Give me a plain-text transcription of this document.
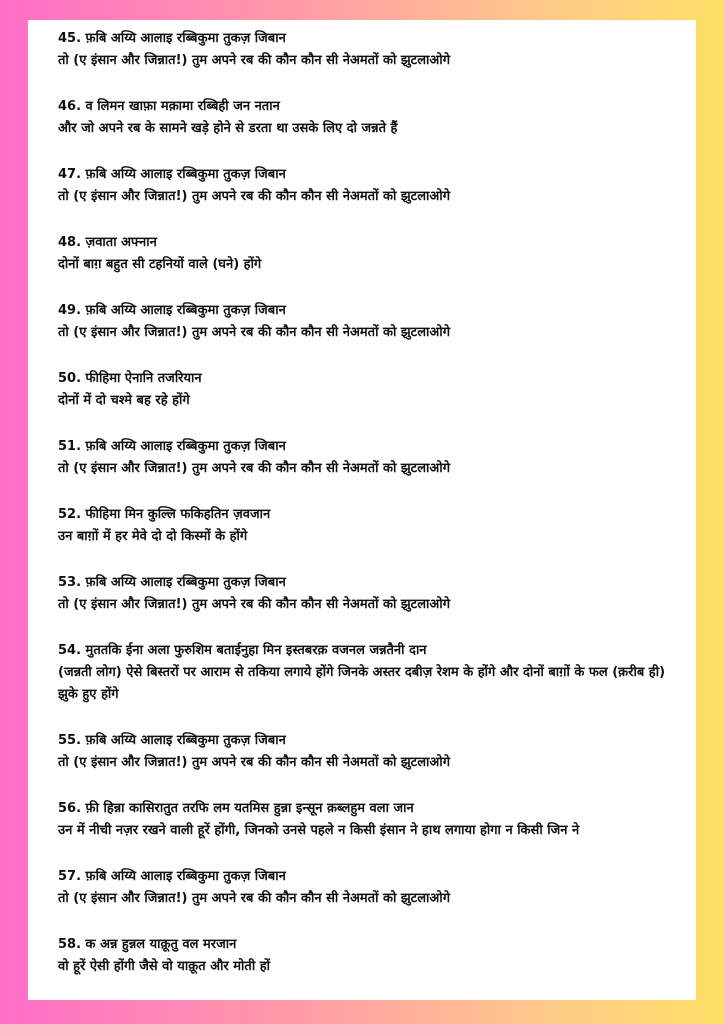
45. फ़बि अय्यि आलाइ रब्बिकुमा तुकज़ जिबान
तो (ए इंसान और जिन्नात!) तुम अपने रब की कौन कौन सी नेअमतों को झुटलाओगे
46. व लिमन खाफ़ा मक़ामा रब्बिही जन नतान
और जो अपने रब के सामने खड़े होने से डरता था उसके लिए दो जन्नते हैं
47. फ़बि अय्यि आलाइ रब्बिकुमा तुकज़ जिबान
तो (ए इंसान और जिन्नात!) तुम अपने रब की कौन कौन सी नेअमतों को झुटलाओगे
48. ज़वाता अफ्नान
दोनों बाग़ बहुत सी टहनियों वाले (घने) होंगे
49. फ़बि अय्यि आलाइ रब्बिकुमा तुकज़ जिबान
तो (ए इंसान और जिन्नात!) तुम अपने रब की कौन कौन सी नेअमतों को झुटलाओगे
50. फीहिमा ऐनानि तजरियान
दोनों में दो चश्मे बह रहे होंगे
51. फ़बि अय्यि आलाइ रब्बिकुमा तुकज़ जिबान
तो (ए इंसान और जिन्नात!) तुम अपने रब की कौन कौन सी नेअमतों को झुटलाओगे
52. फीहिमा मिन कुल्लि फकिहतिन ज़वजान
उन बाग़ों में हर मेवे दो दो किस्मों के होंगे
53. फ़बि अय्यि आलाइ रब्बिकुमा तुकज़ जिबान
तो (ए इंसान और जिन्नात!) तुम अपने रब की कौन कौन सी नेअमतों को झुटलाओगे
54. मुततकि ईना अला फुरुशिम बताईनुहा मिन इस्तबरक़ वजनल जन्नतैनी दान
(जन्नती लोग) ऐसे बिस्तरों पर आराम से तकिया लगाये होंगे जिनके अस्तर दबीज़ रेशम के होंगे और दोनों बाग़ों के फल (क़रीब ही) झुके हुए होंगे
55. फ़बि अय्यि आलाइ रब्बिकुमा तुकज़ जिबान
तो (ए इंसान और जिन्नात!) तुम अपने रब की कौन कौन सी नेअमतों को झुटलाओगे
56. फ़ी हिन्ना कासिरातुत तरफि लम यतमिस हुन्ना इन्सून क़ब्लहुम वला जान
उन में नीची नज़र रखने वाली हूरें होंगी, जिनको उनसे पहले न किसी इंसान ने हाथ लगाया होगा न किसी जिन ने
57. फ़बि अय्यि आलाइ रब्बिकुमा तुकज़ जिबान
तो (ए इंसान और जिन्नात!) तुम अपने रब की कौन कौन सी नेअमतों को झुटलाओगे
58. क अन्न हुन्नल याक़ूतु वल मरजान
वो हूरें ऐसी होंगी जैसे वो याक़ूत और मोती हों
